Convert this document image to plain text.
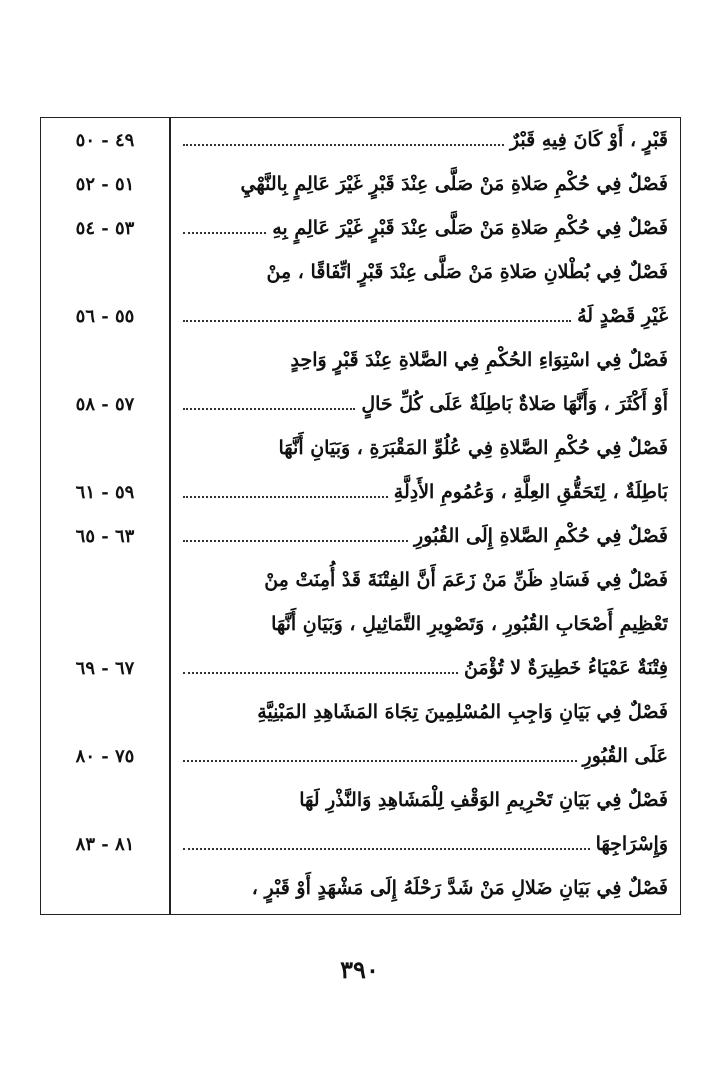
قَبْرٍ ، أَوْ كَانَ فِيهِ قَبْرٌ
٤٩ - ٥٠
فَصْلٌ فِي حُكْمِ صَلاةِ مَنْ صَلَّى عِنْدَ قَبْرٍ غَيْرَ عَالِمٍ بِالنَّهْيِ
٥١ - ٥٢
فَصْلٌ فِي حُكْمِ صَلاةِ مَنْ صَلَّى عِنْدَ قَبْرٍ غَيْرَ عَالِمٍ بِهِ
٥٣ - ٥٤
فَصْلٌ فِي بُطْلانِ صَلاةِ مَنْ صَلَّى عِنْدَ قَبْرٍ اتِّفَاقًا ، مِنْ
غَيْرِ قَصْدٍ لَهُ
٥٥ - ٥٦
فَصْلٌ فِي اسْتِوَاءِ الحُكْمِ فِي الصَّلاةِ عِنْدَ قَبْرٍ وَاحِدٍ
أَوْ أَكْثَرَ ، وَأَنَّهَا صَلاةٌ بَاطِلَةٌ عَلَى كُلِّ حَالٍ
٥٧ - ٥٨
فَصْلٌ فِي حُكْمِ الصَّلاةِ فِي عُلُوِّ المَقْبَرَةِ ، وَبَيَانِ أَنَّهَا
بَاطِلَةٌ ، لِتَحَقُّقِ العِلَّةِ ، وَعُمُومِ الأَدِلَّةِ
٥٩ - ٦١
فَصْلٌ فِي حُكْمِ الصَّلاةِ إِلَى القُبُورِ
٦٣ - ٦٥
فَصْلٌ فِي فَسَادِ ظَنِّ مَنْ زَعَمَ أَنَّ الفِتْنَةَ قَدْ أُمِنَتْ مِنْ
تَعْظِيمِ أَصْحَابِ القُبُورِ ، وَتَصْوِيرِ التَّمَاثِيلِ ، وَبَيَانِ أَنَّهَا
فِتْنَةٌ عَمْيَاءُ خَطِيرَةٌ لا تُؤْمَنُ
٦٧ - ٦٩
فَصْلٌ فِي بَيَانِ وَاجِبِ المُسْلِمِينَ تِجَاهَ المَشَاهِدِ المَبْنِيَّةِ
عَلَى القُبُورِ
٧٥ - ٨٠
فَصْلٌ فِي بَيَانِ تَحْرِيمِ الوَقْفِ لِلْمَشَاهِدِ وَالنَّذْرِ لَهَا
وَإِسْرَاجِهَا
٨١ - ٨٣
فَصْلٌ فِي بَيَانِ ضَلالِ مَنْ شَدَّ رَحْلَهُ إِلَى مَشْهَدٍ أَوْ قَبْرٍ ،
٣٩٠
